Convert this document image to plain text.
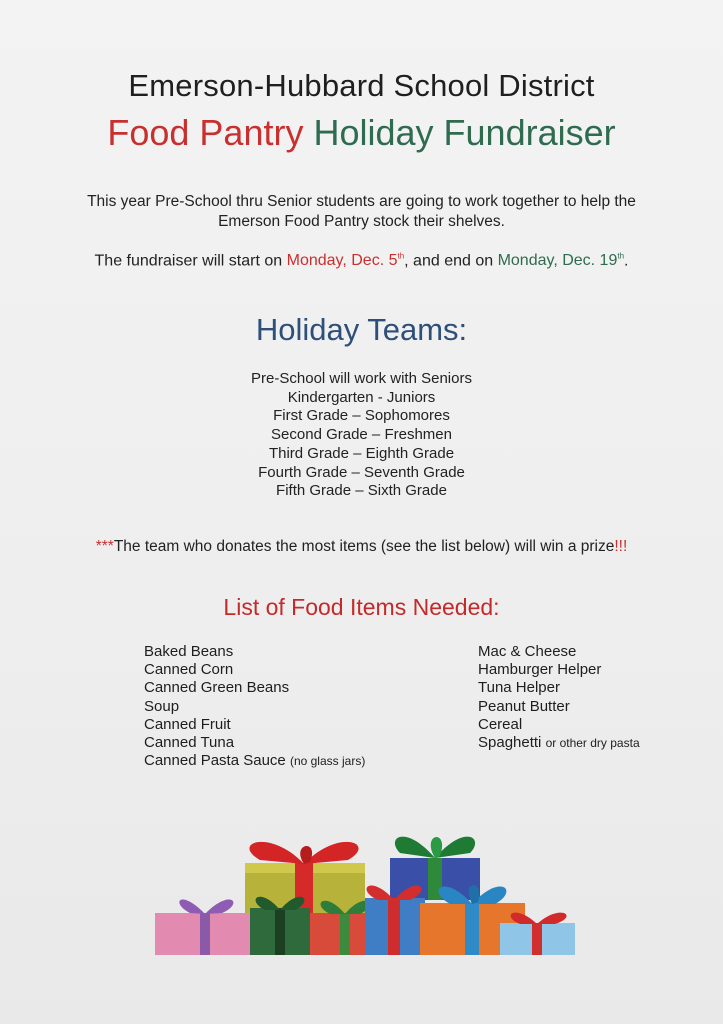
Emerson-Hubbard School District
Food Pantry Holiday Fundraiser
This year Pre-School thru Senior students are going to work together to help the
Emerson Food Pantry stock their shelves.
The fundraiser will start on Monday, Dec. 5th, and end on Monday, Dec. 19th.
Holiday Teams:
Pre-School will work with Seniors
Kindergarten - Juniors
First Grade – Sophomores
Second Grade – Freshmen
Third Grade – Eighth Grade
Fourth Grade – Seventh Grade
Fifth Grade – Sixth Grade
***The team who donates the most items (see the list below) will win a prize!!!
List of Food Items Needed:
Baked Beans
Canned Corn
Canned Green Beans
Soup
Canned Fruit
Canned Tuna
Canned Pasta Sauce (no glass jars)
Mac & Cheese
Hamburger Helper
Tuna Helper
Peanut Butter
Cereal
Spaghetti or other dry pasta
